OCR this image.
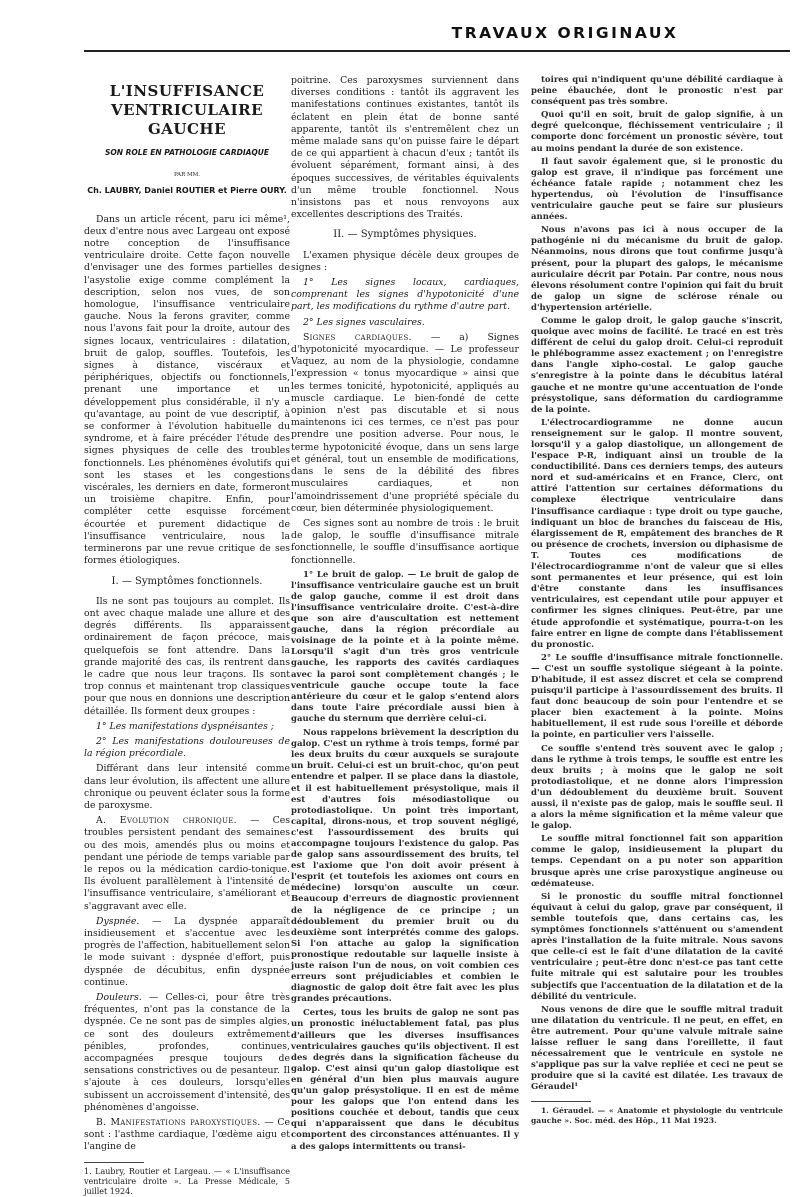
TRAVAUX ORIGINAUX
L'INSUFFISANCE
VENTRICULAIRE GAUCHE
SON ROLE EN PATHOLOGIE CARDIAQUE
PAR MM.
Ch. LAUBRY, Daniel ROUTIER et Pierre OURY.

Dans un article récent, paru ici même¹, deux d'entre nous avec Largeau ont exposé notre conception de l'insuffisance ventriculaire droite. Cette façon nouvelle d'envisager une des formes partielles de l'asystolie exige comme complément la description, selon nos vues, de son homologue, l'insuffisance ventriculaire gauche. Nous la ferons graviter, comme nous l'avons fait pour la droite, autour des signes locaux, ventriculaires : dilatation, bruit de galop, souffles. Toutefois, les signes à distance, viscéraux et périphériques, objectifs ou fonctionnels, prenant une importance et un développement plus considérable, il n'y a qu'avantage, au point de vue descriptif, à se conformer à l'évolution habituelle du syndrome, et à faire précéder l'étude des signes physiques de celle des troubles fonctionnels. Les phénomènes évolutifs qui sont les stases et les congestions viscérales, les derniers en date, formeront un troisième chapitre. Enfin, pour compléter cette esquisse forcément écourtée et purement didactique de l'insuffisance ventriculaire, nous la terminerons par une revue critique de ses formes étiologiques.

I. — Symptômes fonctionnels.

Ils ne sont pas toujours au complet. Ils ont avec chaque malade une allure et des degrés différents. Ils apparaissent ordinairement de façon précoce, mais quelquefois se font attendre. Dans la grande majorité des cas, ils rentrent dans le cadre que nous leur traçons. Ils sont trop connus et maintenant trop classiques pour que nous en donnions une description détaillée. Ils forment deux groupes :

1° Les manifestations dyspnéisantes ;

2° Les manifestations douloureuses de la région précordiale.

Différant dans leur intensité comme dans leur évolution, ils affectent une allure chronique ou peuvent éclater sous la forme de paroxysme.

A. Evolution chronique. — Ces troubles persistent pendant des semaines ou des mois, amendés plus ou moins et pendant une période de temps variable par le repos ou la médication cardio-tonique. Ils évoluent parallèlement à l'intensité de l'insuffisance ventriculaire, s'améliorant et s'aggravant avec elle.

Dyspnée. — La dyspnée apparaît insidieusement et s'accentue avec les progrès de l'affection, habituellement selon le mode suivant : dyspnée d'effort, puis dyspnée de décubitus, enfin dyspnée continue.

Douleurs. — Celles-ci, pour être très fréquentes, n'ont pas la constance de la dyspnée. Ce ne sont pas de simples algies, ce sont des douleurs extrêmement pénibles, profondes, continues, accompagnées presque toujours de sensations constrictives ou de pesanteur. Il s'ajoute à ces douleurs, lorsqu'elles subissent un accroissement d'intensité, des phénomènes d'angoisse.

B. Manifestations paroxystiques. — Ce sont : l'asthme cardiaque, l'œdème aigu et l'angine de

1. Laubry, Routier et Largeau. — « L'insuffisance ventriculaire droite ». La Presse Médicale, 5 juillet 1924.

poitrine. Ces paroxysmes surviennent dans diverses conditions : tantôt ils aggravent les manifestations continues existantes, tantôt ils éclatent en plein état de bonne santé apparente, tantôt ils s'entremêlent chez un même malade sans qu'on puisse faire le départ de ce qui appartient à chacun d'eux ; tantôt ils évoluent séparément, formant ainsi, à des époques successives, de véritables équivalents d'un même trouble fonctionnel. Nous n'insistons pas et nous renvoyons aux excellentes descriptions des Traités.

II. — Symptômes physiques.

L'examen physique décèle deux groupes de signes :

1° Les signes locaux, cardiaques, comprenant les signes d'hypotonicité d'une part, les modifications du rythme d'autre part.

2° Les signes vasculaires.

Signes cardiaques. — a) Signes d'hypotonicité myocardique. — Le professeur Vaquez, au nom de la physiologie, condamne l'expression « tonus myocardique » ainsi que les termes tonicité, hypotonicité, appliqués au muscle cardiaque. Le bien-fondé de cette opinion n'est pas discutable et si nous maintenons ici ces termes, ce n'est pas pour prendre une position adverse. Pour nous, le terme hypotonicité évoque, dans un sens large et général, tout un ensemble de modifications, dans le sens de la débilité des fibres musculaires cardiaques, et non l'amoindrissement d'une propriété spéciale du cœur, bien déterminée physiologiquement.

Ces signes sont au nombre de trois : le bruit de galop, le souffle d'insuffisance mitrale fonctionnelle, le souffle d'insuffisance aortique fonctionnelle.

1° Le bruit de galop. — Le bruit de galop de l'insuffisance ventriculaire gauche est un bruit de galop gauche, comme il est droit dans l'insuffisance ventriculaire droite. C'est-à-dire que son aire d'auscultation est nettement gauche, dans la région précordiale au voisinage de la pointe et à la pointe même. Lorsqu'il s'agit d'un très gros ventricule gauche, les rapports des cavités cardiaques avec la paroi sont complètement changés ; le ventricule gauche occupe toute la face antérieure du cœur et le galop s'entend alors dans toute l'aire précordiale aussi bien à gauche du sternum que derrière celui-ci.

Nous rappelons brièvement la description du galop. C'est un rythme à trois temps, formé par les deux bruits du cœur auxquels se surajoute un bruit. Celui-ci est un bruit-choc, qu'on peut entendre et palper. Il se place dans la diastole, et il est habituellement présystolique, mais il est d'autres fois mésodiastolique ou protodiastolique. Un point très important, capital, dirons-nous, et trop souvent négligé, c'est l'assourdissement des bruits qui accompagne toujours l'existence du galop. Pas de galop sans assourdissement des bruits, tel est l'axiome que l'on doit avoir présent à l'esprit (et toutefois les axiomes ont cours en médecine) lorsqu'on ausculte un cœur. Beaucoup d'erreurs de diagnostic proviennent de la négligence de ce principe ; un dédoublement du premier bruit ou du deuxième sont interprétés comme des galops. Si l'on attache au galop la signification pronostique redoutable sur laquelle insiste à juste raison l'un de nous, on voit combien ces erreurs sont préjudiciables et combien le diagnostic de galop doit être fait avec les plus grandes précautions.

Certes, tous les bruits de galop ne sont pas un pronostic inéluctablement fatal, pas plus d'ailleurs que les diverses insuffisances ventriculaires gauches qu'ils objectivent. Il est des degrés dans la signification fâcheuse du galop. C'est ainsi qu'un galop diastolique est en général d'un bien plus mauvais augure qu'un galop présystolique. Il en est de même pour les galops que l'on entend dans les positions couchée et debout, tandis que ceux qui n'apparaissent que dans le décubitus comportent des circonstances atténuantes. Il y a des galops intermittents ou transi-

toires qui n'indiquent qu'une débilité cardiaque à peine ébauchée, dont le pronostic n'est par conséquent pas très sombre.

Quoi qu'il en soit, bruit de galop signifie, à un degré quelconque, fléchissement ventriculaire ; il comporte donc forcément un pronostic sévère, tout au moins pendant la durée de son existence.

Il faut savoir également que, si le pronostic du galop est grave, il n'indique pas forcément une échéance fatale rapide ; notamment chez les hypertendus, où l'évolution de l'insuffisance ventriculaire gauche peut se faire sur plusieurs années.

Nous n'avons pas ici à nous occuper de la pathogénie ni du mécanisme du bruit de galop. Néanmoins, nous dirons que tout confirme jusqu'à présent, pour la plupart des galops, le mécanisme auriculaire décrit par Potain. Par contre, nous nous élevons résolument contre l'opinion qui fait du bruit de galop un signe de sclérose rénale ou d'hypertension artérielle.

Comme le galop droit, le galop gauche s'inscrit, quoique avec moins de facilité. Le tracé en est très différent de celui du galop droit. Celui-ci reproduit le phlébogramme assez exactement ; on l'enregistre dans l'angle xipho-costal. Le galop gauche s'enregistre à la pointe dans le décubitus latéral gauche et ne montre qu'une accentuation de l'onde présystolique, sans déformation du cardiogramme de la pointe.

L'électrocardiogramme ne donne aucun renseignement sur le galop. Il montre souvent, lorsqu'il y a galop diastolique, un allongement de l'espace P-R, indiquant ainsi un trouble de la conductibilité. Dans ces derniers temps, des auteurs nord et sud-américains et en France, Clerc, ont attiré l'attention sur certaines déformations du complexe électrique ventriculaire dans l'insuffisance cardiaque : type droit ou type gauche, indiquant un bloc de branches du faisceau de His, élargissement de R, empâtement des branches de R ou présence de crochets, inversion ou diphasisme de T. Toutes ces modifications de l'électrocardiogramme n'ont de valeur que si elles sont permanentes et leur présence, qui est loin d'être constante dans les insuffisances ventriculaires, est cependant utile pour appuyer et confirmer les signes cliniques. Peut-être, par une étude approfondie et systématique, pourra-t-on les faire entrer en ligne de compte dans l'établissement du pronostic.

2° Le souffle d'insuffisance mitrale fonctionnelle. — C'est un souffle systolique siégeant à la pointe. D'habitude, il est assez discret et cela se comprend puisqu'il participe à l'assourdissement des bruits. Il faut donc beaucoup de soin pour l'entendre et se placer bien exactement à la pointe. Moins habituellement, il est rude sous l'oreille et déborde la pointe, en particulier vers l'aisselle.

Ce souffle s'entend très souvent avec le galop ; dans le rythme à trois temps, le souffle est entre les deux bruits ; à moins que le galop ne soit protodiastolique, et ne donne alors l'impression d'un dédoublement du deuxième bruit. Souvent aussi, il n'existe pas de galop, mais le souffle seul. Il a alors la même signification et la même valeur que le galop.

Le souffle mitral fonctionnel fait son apparition comme le galop, insidieusement la plupart du temps. Cependant on a pu noter son apparition brusque après une crise paroxystique angineuse ou œdémateuse.

Si le pronostic du souffle mitral fonctionnel équivaut à celui du galop, grave par conséquent, il semble toutefois que, dans certains cas, les symptômes fonctionnels s'atténuent ou s'amendent après l'installation de la fuite mitrale. Nous savons que celle-ci est le fait d'une dilatation de la cavité ventriculaire ; peut-être donc n'est-ce pas tant cette fuite mitrale qui est salutaire pour les troubles subjectifs que l'accentuation de la dilatation et de la débilité du ventricule.

Nous venons de dire que le souffle mitral traduit une dilatation du ventricule. Il ne peut, en effet, en être autrement. Pour qu'une valvule mitrale saine laisse refluer le sang dans l'oreillette, il faut nécessairement que le ventricule en systole ne s'applique pas sur la valve repliée et ceci ne peut se produire que si la cavité est dilatée. Les travaux de Géraudel¹

1. Géraudel. — « Anatomie et physiologie du ventricule gauche ». Soc. méd. des Hôp., 11 Mai 1923.
